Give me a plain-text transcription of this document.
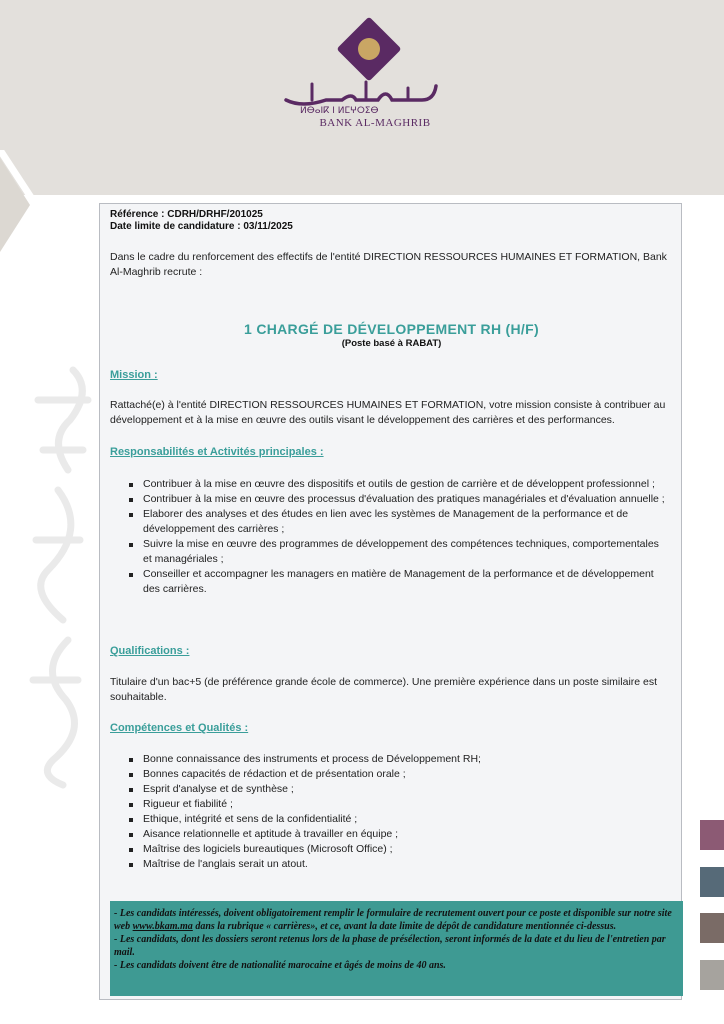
ⵍⴱⴰⵏⴽ ⵏ ⵍⵎⵖⵔⵉⴱ
BANK AL-MAGHRIB
Référence : CDRH/DRHF/201025
Date limite de candidature : 03/11/2025
Dans le cadre du renforcement des effectifs de l'entité DIRECTION RESSOURCES HUMAINES ET FORMATION, Bank Al-Maghrib recrute :
1 CHARGÉ DE DÉVELOPPEMENT RH (H/F)
(Poste basé à RABAT)
Mission :
Rattaché(e) à l'entité DIRECTION RESSOURCES HUMAINES ET FORMATION, votre mission consiste à contribuer au développement et à la mise en œuvre des outils visant le développement des carrières et des performances.
Responsabilités et Activités principales :
Contribuer à la mise en œuvre des dispositifs et outils de gestion de carrière et de développent professionnel ;
Contribuer à la mise en œuvre des processus d'évaluation des pratiques managériales et d'évaluation annuelle ;
Elaborer des analyses et des études en lien avec les systèmes de Management de la performance et de développement des carrières ;
Suivre la mise en œuvre des programmes de développement des compétences techniques, comportementales et managériales ;
Conseiller et accompagner les managers en matière de Management de la performance et de développement des carrières.
Qualifications :
Titulaire d'un bac+5 (de préférence grande école de commerce). Une première expérience dans un poste similaire est souhaitable.
Compétences et Qualités :
Bonne connaissance des instruments et process de Développement RH;
Bonnes capacités de rédaction et de présentation orale ;
Esprit d'analyse et de synthèse ;
Rigueur et fiabilité ;
Ethique, intégrité et sens de la confidentialité ;
Aisance relationnelle et aptitude à travailler en équipe ;
Maîtrise des logiciels bureautiques (Microsoft Office) ;
Maîtrise de l'anglais serait un atout.

- Les candidats intéressés, doivent obligatoirement remplir le formulaire de recrutement ouvert pour ce poste et disponible sur notre site web www.bkam.ma dans la rubrique « carrières», et ce, avant la date limite de dépôt de candidature mentionnée ci-dessus.

- Les candidats, dont les dossiers seront retenus lors de la phase de présélection, seront informés de la date et du lieu de l'entretien par mail.

- Les candidats doivent être de nationalité marocaine et âgés de moins de 40 ans.
